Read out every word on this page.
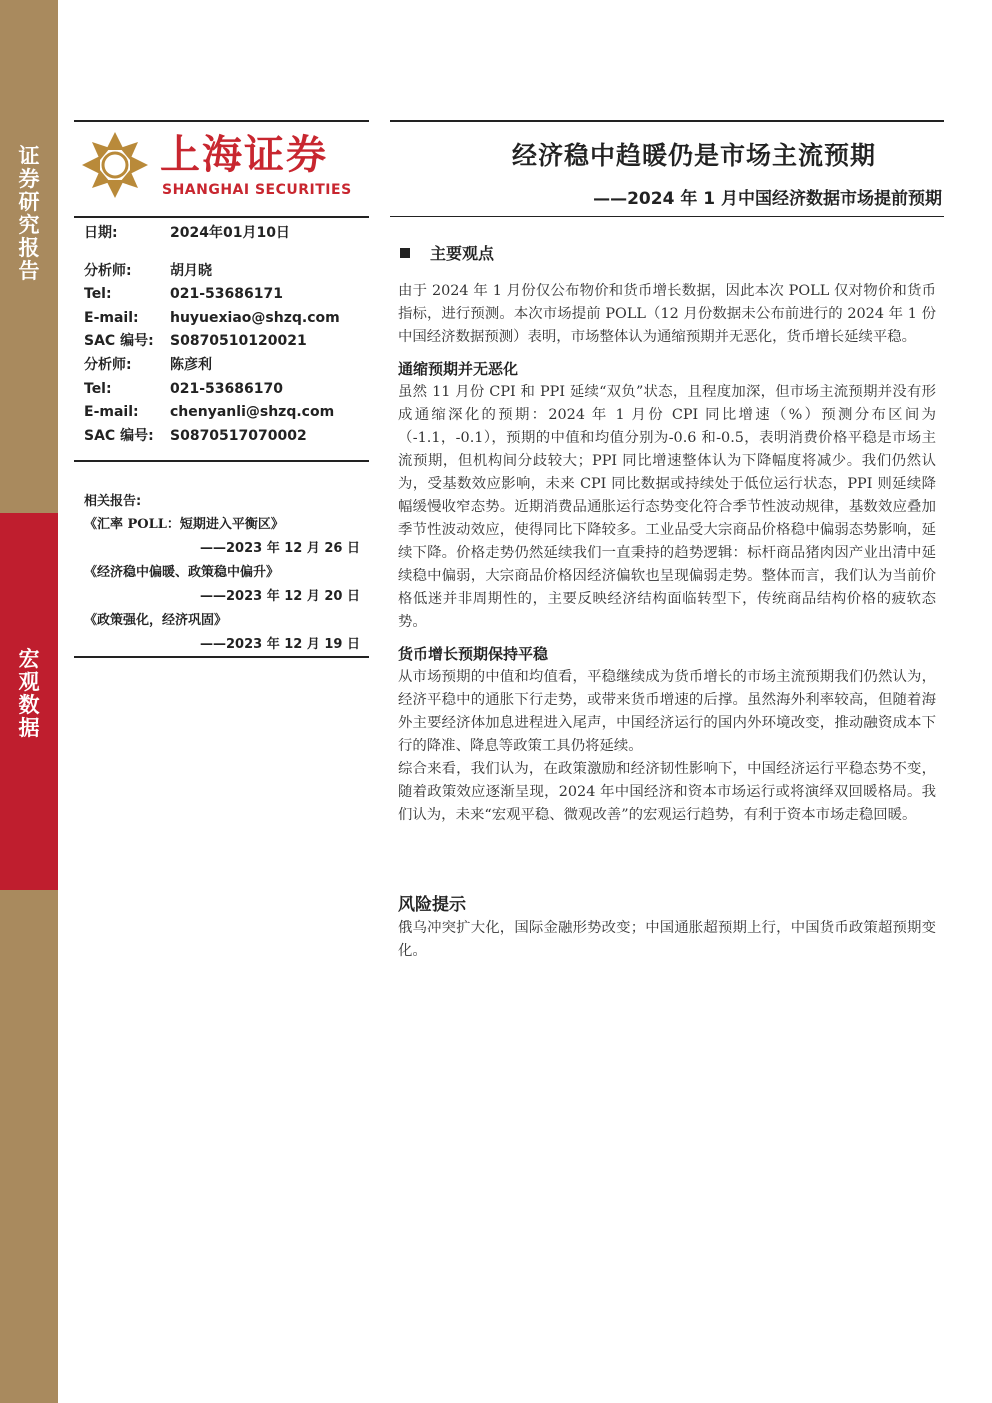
证券研究报告
宏观数据
上海证券
SHANGHAI SECURITIES
经济稳中趋暖仍是市场主流预期
——2024 年 1 月中国经济数据市场提前预期
日期:	2024年01月10日
分析师:	胡月晓
Tel:	021-53686171
E-mail:	huyuexiao@shzq.com
SAC 编号:	S0870510120021
分析师:	陈彦利
Tel:	021-53686170
E-mail:	chenyanli@shzq.com
SAC 编号:	S0870517070002
相关报告:
《汇率 POLL：短期进入平衡区》
——2023 年 12 月 26 日
《经济稳中偏暖、政策稳中偏升》
——2023 年 12 月 20 日
《政策强化，经济巩固》
——2023 年 12 月 19 日
主要观点

由于 2024 年 1 月份仅公布物价和货币增长数据，因此本次 POLL 仅对物价和货币指标，进行预测。本次市场提前 POLL（12 月份数据未公布前进行的 2024 年 1 份中国经济数据预测）表明，市场整体认为通缩预期并无恶化，货币增长延续平稳。

通缩预期并无恶化

虽然 11 月份 CPI 和 PPI 延续“双负”状态，且程度加深，但市场主流预期并没有形成通缩深化的预期：2024 年 1 月份 CPI 同比增速（%）预测分布区间为（-1.1，-0.1），预期的中值和均值分别为-0.6 和-0.5，表明消费价格平稳是市场主流预期，但机构间分歧较大；PPI 同比增速整体认为下降幅度将减少。我们仍然认为，受基数效应影响，未来 CPI 同比数据或持续处于低位运行状态，PPI 则延续降幅缓慢收窄态势。近期消费品通胀运行态势变化符合季节性波动规律，基数效应叠加季节性波动效应，使得同比下降较多。工业品受大宗商品价格稳中偏弱态势影响，延续下降。价格走势仍然延续我们一直秉持的趋势逻辑：标杆商品猪肉因产业出清中延续稳中偏弱，大宗商品价格因经济偏软也呈现偏弱走势。整体而言，我们认为当前价格低迷并非周期性的，主要反映经济结构面临转型下，传统商品结构价格的疲软态势。

货币增长预期保持平稳

从市场预期的中值和均值看，平稳继续成为货币增长的市场主流预期我们仍然认为，经济平稳中的通胀下行走势，或带来货币增速的后撑。虽然海外利率较高，但随着海外主要经济体加息进程进入尾声，中国经济运行的国内外环境改变，推动融资成本下行的降准、降息等政策工具仍将延续。

综合来看，我们认为，在政策激励和经济韧性影响下，中国经济运行平稳态势不变，随着政策效应逐渐呈现，2024 年中国经济和资本市场运行或将演绎双回暖格局。我们认为，未来“宏观平稳、微观改善”的宏观运行趋势，有利于资本市场走稳回暖。

风险提示

俄乌冲突扩大化，国际金融形势改变；中国通胀超预期上行，中国货币政策超预期变化。
